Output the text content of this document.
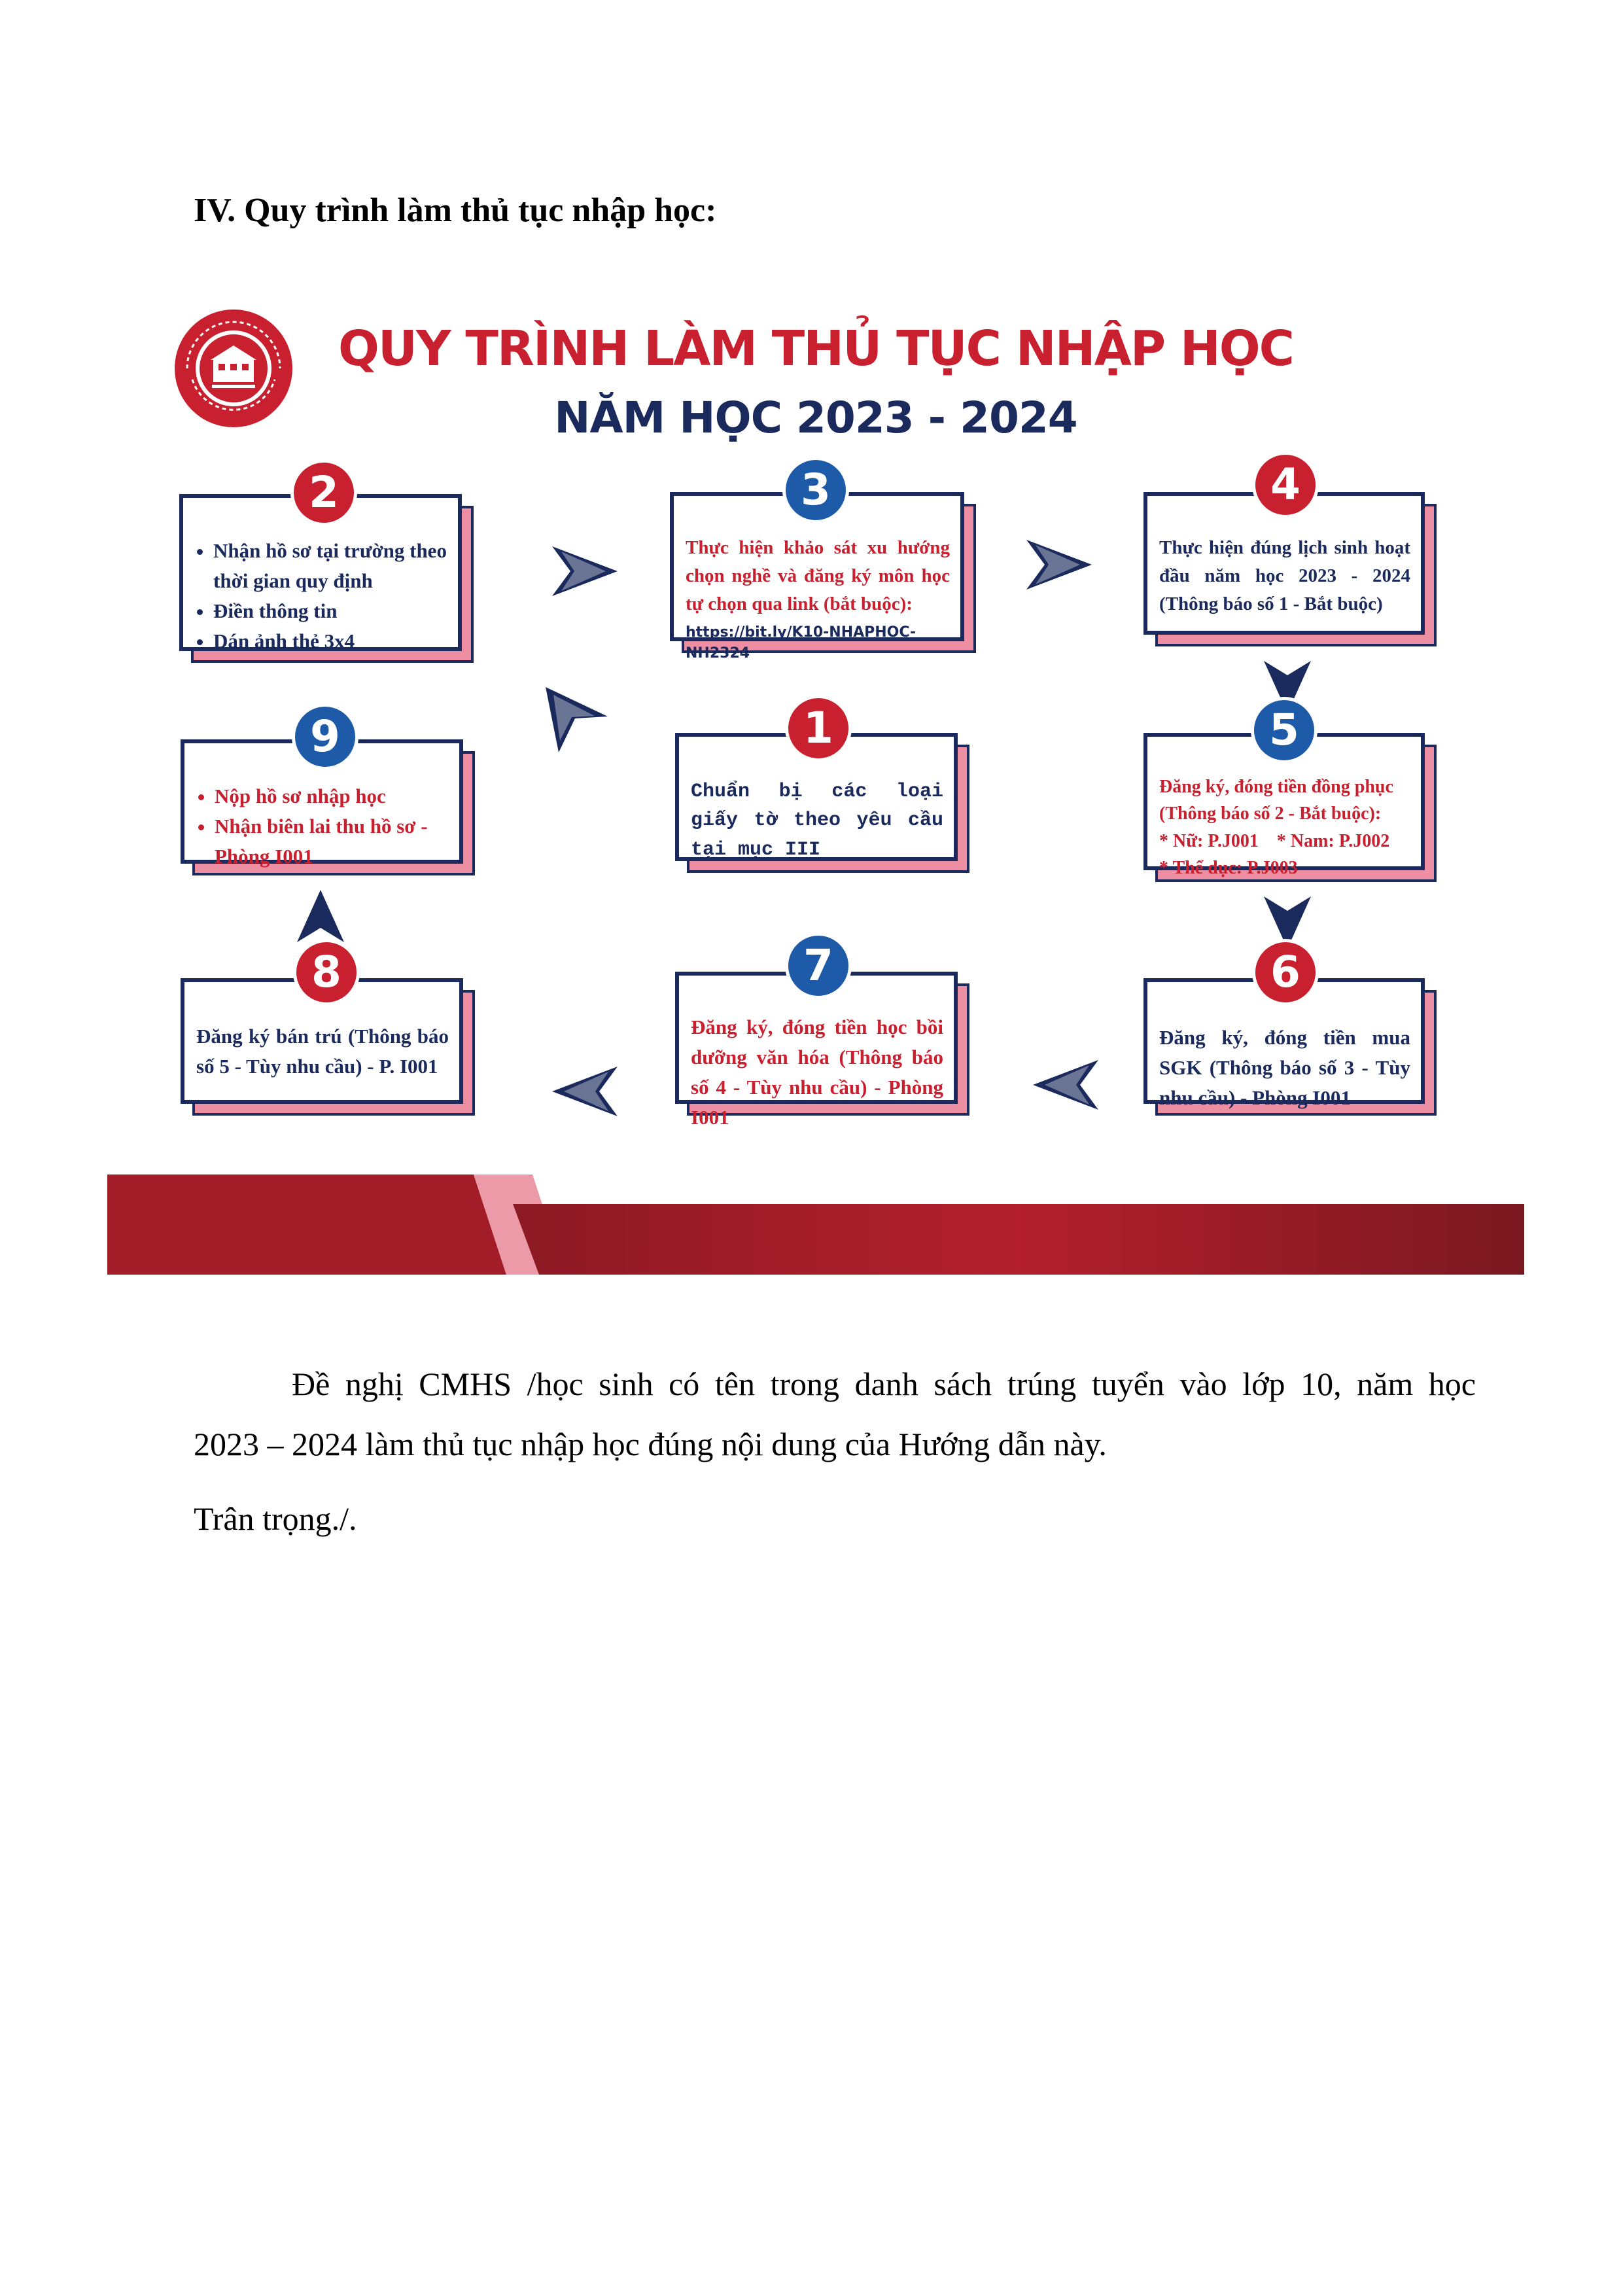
IV. Quy trình làm thủ tục nhập học:
QUY TRÌNH LÀM THỦ TỤC NHẬP HỌC
NĂM HỌC 2023 - 2024
• Nhận hồ sơ tại trường theo thời gian quy định
• Điền thông tin
• Dán ảnh thẻ 3x4
2
Thực hiện khảo sát xu hướng chọn nghề và đăng ký môn học tự chọn qua link (bắt buộc):
https://bit.ly/K10-NHAPHOC-NH2324
3
Thực hiện đúng lịch sinh hoạt đầu năm học 2023 - 2024 (Thông báo số 1 - Bắt buộc)
4
• Nộp hồ sơ nhập học
• Nhận biên lai thu hồ sơ - Phòng I001
9
Chuẩn bị các loại giấy tờ theo yêu cầu tại mục III
1
Đăng ký, đóng tiền đồng phục
(Thông báo số 2 - Bắt buộc):
* Nữ: P.J001    * Nam: P.J002
* Thể dục: P.J003
5
Đăng ký bán trú (Thông báo số 5 - Tùy nhu cầu) - P. I001
8
Đăng ký, đóng tiền học bồi dưỡng văn hóa (Thông báo số 4 - Tùy nhu cầu) - Phòng I001
7
Đăng ký, đóng tiền mua SGK (Thông báo số 3 - Tùy nhu cầu) - Phòng I001
6
Đề nghị CMHS /học sinh có tên trong danh sách trúng tuyển vào lớp 10, năm học
2023 – 2024 làm thủ tục nhập học đúng nội dung của Hướng dẫn này.
Trân trọng./.
